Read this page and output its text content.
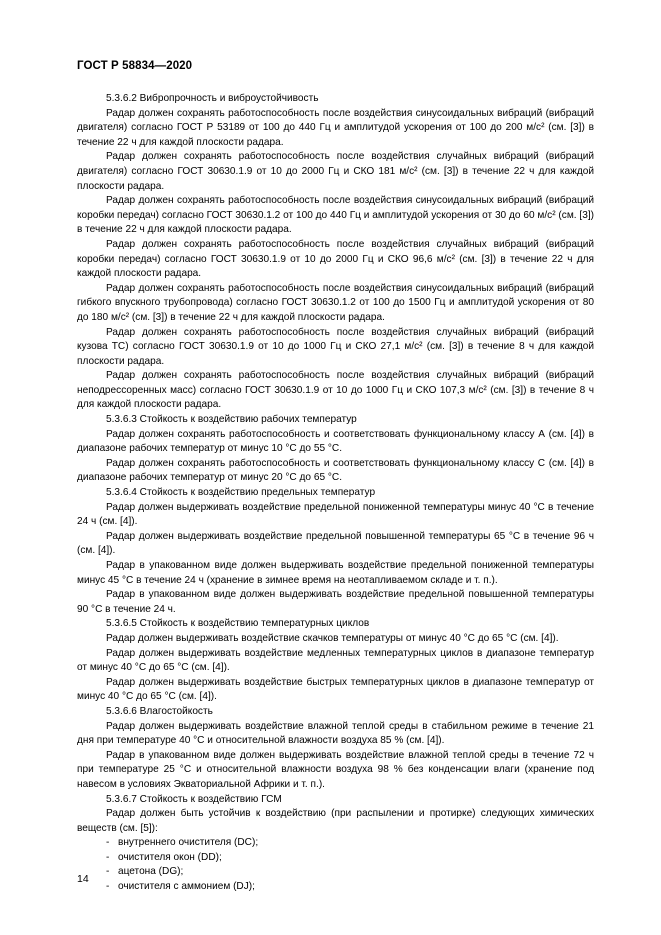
ГОСТ Р 58834—2020

5.3.6.2 Вибропрочность и виброустойчивость

Радар должен сохранять работоспособность после воздействия синусоидальных вибраций (вибраций двигателя) согласно ГОСТ Р 53189 от 100 до 440 Гц и амплитудой ускорения от 100 до 200 м/с² (см. [3]) в течение 22 ч для каждой плоскости радара.

Радар должен сохранять работоспособность после воздействия случайных вибраций (вибраций двигателя) согласно ГОСТ 30630.1.9 от 10 до 2000 Гц и СКО 181 м/с² (см. [3]) в течение 22 ч для каждой плоскости радара.

Радар должен сохранять работоспособность после воздействия синусоидальных вибраций (вибраций коробки передач) согласно ГОСТ 30630.1.2 от 100 до 440 Гц и амплитудой ускорения от 30 до 60 м/с² (см. [3]) в течение 22 ч для каждой плоскости радара.

Радар должен сохранять работоспособность после воздействия случайных вибраций (вибраций коробки передач) согласно ГОСТ 30630.1.9 от 10 до 2000 Гц и СКО 96,6 м/с² (см. [3]) в течение 22 ч для каждой плоскости радара.

Радар должен сохранять работоспособность после воздействия синусоидальных вибраций (вибраций гибкого впускного трубопровода) согласно ГОСТ 30630.1.2 от 100 до 1500 Гц и амплитудой ускорения от 80 до 180 м/с² (см. [3]) в течение 22 ч для каждой плоскости радара.

Радар должен сохранять работоспособность после воздействия случайных вибраций (вибраций кузова ТС) согласно ГОСТ 30630.1.9 от 10 до 1000 Гц и СКО 27,1 м/с² (см. [3]) в течение 8 ч для каждой плоскости радара.

Радар должен сохранять работоспособность после воздействия случайных вибраций (вибраций неподрессоренных масс) согласно ГОСТ 30630.1.9 от 10 до 1000 Гц и СКО 107,3 м/с² (см. [3]) в течение 8 ч для каждой плоскости радара.

5.3.6.3 Стойкость к воздействию рабочих температур

Радар должен сохранять работоспособность и соответствовать функциональному классу А (см. [4]) в диапазоне рабочих температур от минус 10 °С до 55 °С.

Радар должен сохранять работоспособность и соответствовать функциональному классу С (см. [4]) в диапазоне рабочих температур от минус 20 °С до 65 °С.

5.3.6.4 Стойкость к воздействию предельных температур

Радар должен выдерживать воздействие предельной пониженной температуры минус 40 °С в течение 24 ч (см. [4]).

Радар должен выдерживать воздействие предельной повышенной температуры 65 °С в течение 96 ч (см. [4]).

Радар в упакованном виде должен выдерживать воздействие предельной пониженной температуры минус 45 °С в течение 24 ч (хранение в зимнее время на неотапливаемом складе и т. п.).

Радар в упакованном виде должен выдерживать воздействие предельной повышенной температуры 90 °С в течение 24 ч.

5.3.6.5 Стойкость к воздействию температурных циклов

Радар должен выдерживать воздействие скачков температуры от минус 40 °С до 65 °С (см. [4]).

Радар должен выдерживать воздействие медленных температурных циклов в диапазоне температур от минус 40 °С до 65 °С (см. [4]).

Радар должен выдерживать воздействие быстрых температурных циклов в диапазоне температур от минус 40 °С до 65 °С (см. [4]).

5.3.6.6 Влагостойкость

Радар должен выдерживать воздействие влажной теплой среды в стабильном режиме в течение 21 дня при температуре 40 °С и относительной влажности воздуха 85 % (см. [4]).

Радар в упакованном виде должен выдерживать воздействие влажной теплой среды в течение 72 ч при температуре 25 °С и относительной влажности воздуха 98 % без конденсации влаги (хранение под навесом в условиях Экваториальной Африки и т. п.).

5.3.6.7 Стойкость к воздействию ГСМ

Радар должен быть устойчив к воздействию (при распылении и протирке) следующих химических веществ (см. [5]):

- внутреннего очистителя (DC);
- очистителя окон (DD);
- ацетона (DG);
- очистителя с аммонием (DJ);
14
